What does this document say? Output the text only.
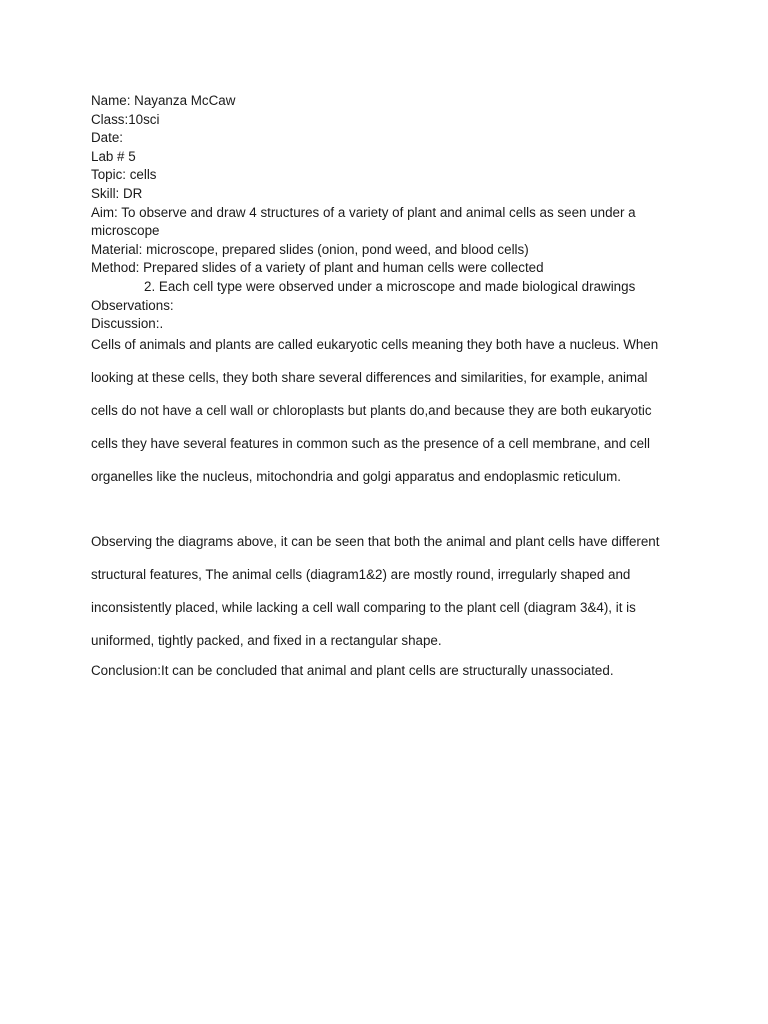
Name: Nayanza McCaw
Class:10sci
Date:
Lab # 5
Topic: cells
Skill: DR
Aim: To observe and draw 4 structures of a variety of plant and animal cells as seen under a
microscope
Material: microscope, prepared slides (onion, pond weed, and blood cells)
Method: Prepared slides of a variety of plant and human cells were collected
2. Each cell type were observed under a microscope and made biological drawings
Observations:
Discussion:.
Cells of animals and plants are called eukaryotic cells meaning they both have a nucleus. When
looking at these cells, they both share several differences and similarities, for example, animal
cells do not have a cell wall or chloroplasts but plants do,and because they are both eukaryotic
cells they have several features in common such as the presence of a cell membrane, and cell
organelles like the nucleus, mitochondria and golgi apparatus and endoplasmic reticulum.
Observing the diagrams above, it can be seen that both the animal and plant cells have different
structural features, The animal cells (diagram1&2) are mostly round, irregularly shaped and
inconsistently placed, while lacking a cell wall comparing to the plant cell (diagram 3&4), it is
uniformed, tightly packed, and fixed in a rectangular shape.
Conclusion:It can be concluded that animal and plant cells are structurally unassociated.
